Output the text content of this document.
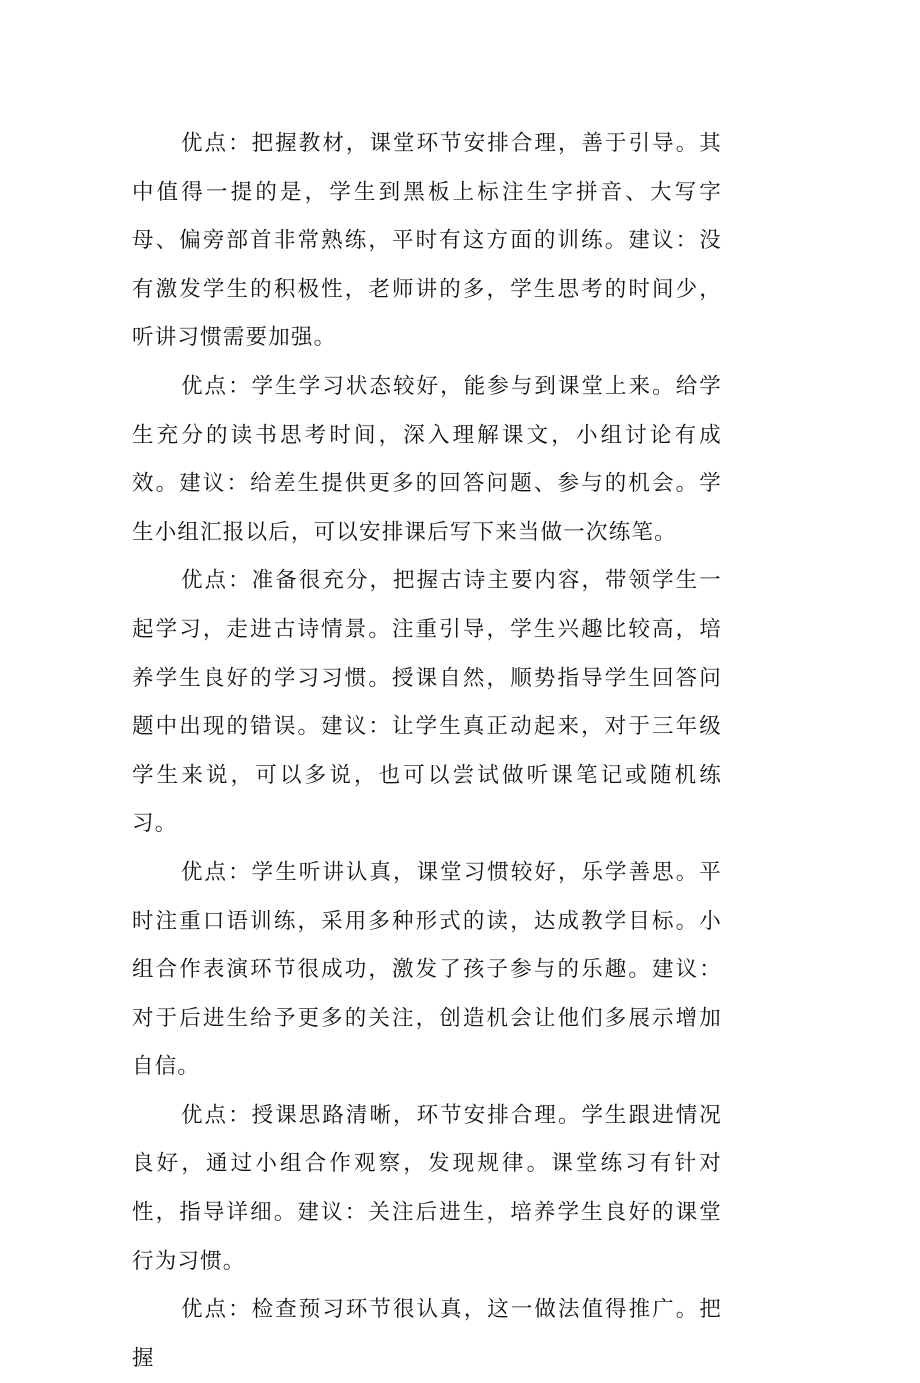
优点：把握教材，课堂环节安排合理，善于引导。其中值得一提的是，学生到黑板上标注生字拼音、大写字母、偏旁部首非常熟练，平时有这方面的训练。建议：没有激发学生的积极性，老师讲的多，学生思考的时间少，听讲习惯需要加强。

优点：学生学习状态较好，能参与到课堂上来。给学生充分的读书思考时间，深入理解课文，小组讨论有成效。建议：给差生提供更多的回答问题、参与的机会。学生小组汇报以后，可以安排课后写下来当做一次练笔。

优点：准备很充分，把握古诗主要内容，带领学生一起学习，走进古诗情景。注重引导，学生兴趣比较高，培养学生良好的学习习惯。授课自然，顺势指导学生回答问题中出现的错误。建议：让学生真正动起来，对于三年级学生来说，可以多说，也可以尝试做听课笔记或随机练习。

优点：学生听讲认真，课堂习惯较好，乐学善思。平时注重口语训练，采用多种形式的读，达成教学目标。小组合作表演环节很成功，激发了孩子参与的乐趣。建议：对于后进生给予更多的关注，创造机会让他们多展示增加自信。

优点：授课思路清晰，环节安排合理。学生跟进情况良好，通过小组合作观察，发现规律。课堂练习有针对性，指导详细。建议：关注后进生，培养学生良好的课堂行为习惯。

优点：检查预习环节很认真，这一做法值得推广。把握
